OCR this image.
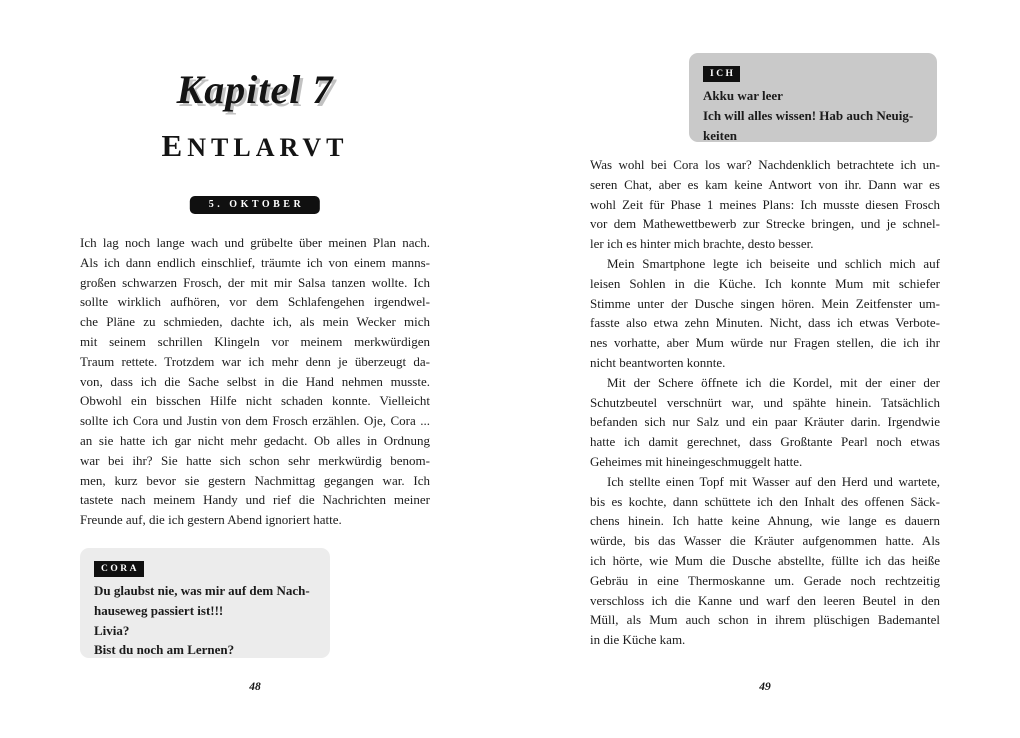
Kapitel 7
ENTLARVT
5. OKTOBER
Ich lag noch lange wach und grübelte über meinen Plan nach.
Als ich dann endlich einschlief, träumte ich von einem manns-
großen schwarzen Frosch, der mit mir Salsa tanzen wollte. Ich
sollte wirklich aufhören, vor dem Schlafengehen irgendwel-
che Pläne zu schmieden, dachte ich, als mein Wecker mich
mit seinem schrillen Klingeln vor meinem merkwürdigen
Traum rettete. Trotzdem war ich mehr denn je überzeugt da-
von, dass ich die Sache selbst in die Hand nehmen musste.
Obwohl ein bisschen Hilfe nicht schaden konnte. Vielleicht
sollte ich Cora und Justin von dem Frosch erzählen. Oje, Cora ...
an sie hatte ich gar nicht mehr gedacht. Ob alles in Ordnung
war bei ihr? Sie hatte sich schon sehr merkwürdig benom-
men, kurz bevor sie gestern Nachmittag gegangen war. Ich
tastete nach meinem Handy und rief die Nachrichten meiner
Freunde auf, die ich gestern Abend ignoriert hatte.
CORA
Du glaubst nie, was mir auf dem Nach-
hauseweg passiert ist!!!
Livia?
Bist du noch am Lernen?
48
ICH
Akku war leer
Ich will alles wissen! Hab auch Neuig-
keiten
Was wohl bei Cora los war? Nachdenklich betrachtete ich un-
seren Chat, aber es kam keine Antwort von ihr. Dann war es
wohl Zeit für Phase 1 meines Plans: Ich musste diesen Frosch
vor dem Mathewettbewerb zur Strecke bringen, und je schnel-
ler ich es hinter mich brachte, desto besser.
Mein Smartphone legte ich beiseite und schlich mich auf
leisen Sohlen in die Küche. Ich konnte Mum mit schiefer
Stimme unter der Dusche singen hören. Mein Zeitfenster um-
fasste also etwa zehn Minuten. Nicht, dass ich etwas Verbote-
nes vorhatte, aber Mum würde nur Fragen stellen, die ich ihr
nicht beantworten konnte.
Mit der Schere öffnete ich die Kordel, mit der einer der
Schutzbeutel verschnürt war, und spähte hinein. Tatsächlich
befanden sich nur Salz und ein paar Kräuter darin. Irgendwie
hatte ich damit gerechnet, dass Großtante Pearl noch etwas
Geheimes mit hineingeschmuggelt hatte.
Ich stellte einen Topf mit Wasser auf den Herd und wartete,
bis es kochte, dann schüttete ich den Inhalt des offenen Säck-
chens hinein. Ich hatte keine Ahnung, wie lange es dauern
würde, bis das Wasser die Kräuter aufgenommen hatte. Als
ich hörte, wie Mum die Dusche abstellte, füllte ich das heiße
Gebräu in eine Thermoskanne um. Gerade noch rechtzeitig
verschloss ich die Kanne und warf den leeren Beutel in den
Müll, als Mum auch schon in ihrem plüschigen Bademantel
in die Küche kam.
49
